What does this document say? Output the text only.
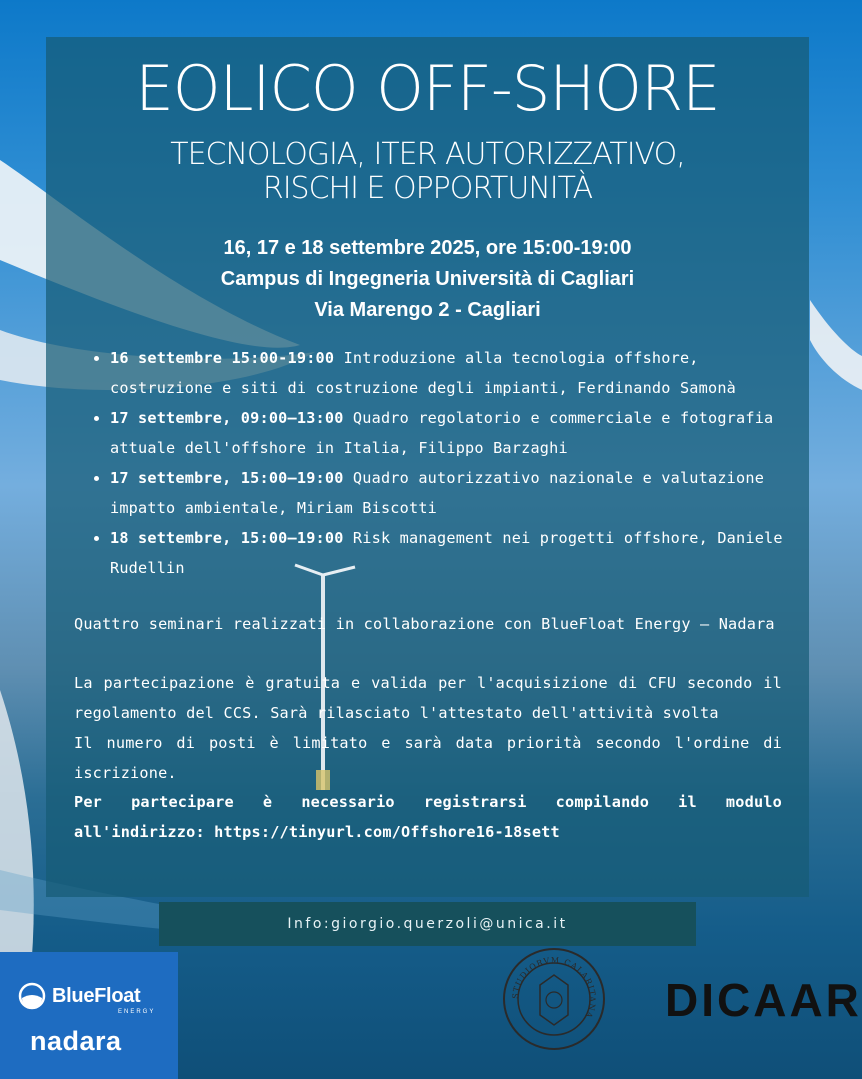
EOLICO OFF-SHORE
TECNOLOGIA, ITER AUTORIZZATIVO,
RISCHI E OPPORTUNITÀ
16, 17 e 18 settembre 2025, ore 15:00-19:00
Campus di Ingegneria Università di Cagliari
Via Marengo 2 - Cagliari
• 16 settembre 15:00-19:00 Introduzione alla tecnologia offshore, costruzione e siti di costruzione degli impianti, Ferdinando Samonà
• 17 settembre, 09:00–13:00 Quadro regolatorio e commerciale e fotografia attuale dell'offshore in Italia, Filippo Barzaghi
• 17 settembre, 15:00–19:00 Quadro autorizzativo nazionale e valutazione impatto ambientale, Miriam Biscotti
• 18 settembre, 15:00–19:00 Risk management nei progetti offshore, Daniele Rudellin

Quattro seminari realizzati in collaborazione con BlueFloat Energy – Nadara

La partecipazione è gratuita e valida per l'acquisizione di CFU secondo il regolamento del CCS. Sarà rilasciato l'attestato dell'attività svolta

Il numero di posti è limitato e sarà data priorità secondo l'ordine di iscrizione.

Per partecipare è necessario registrarsi compilando il modulo all'indirizzo: https://tinyurl.com/Offshore16-18sett

Info:giorgio.querzoli@unica.it
BlueFloat
ENERGY
nadara
STUDIORVM CALARITANA DICAAR
